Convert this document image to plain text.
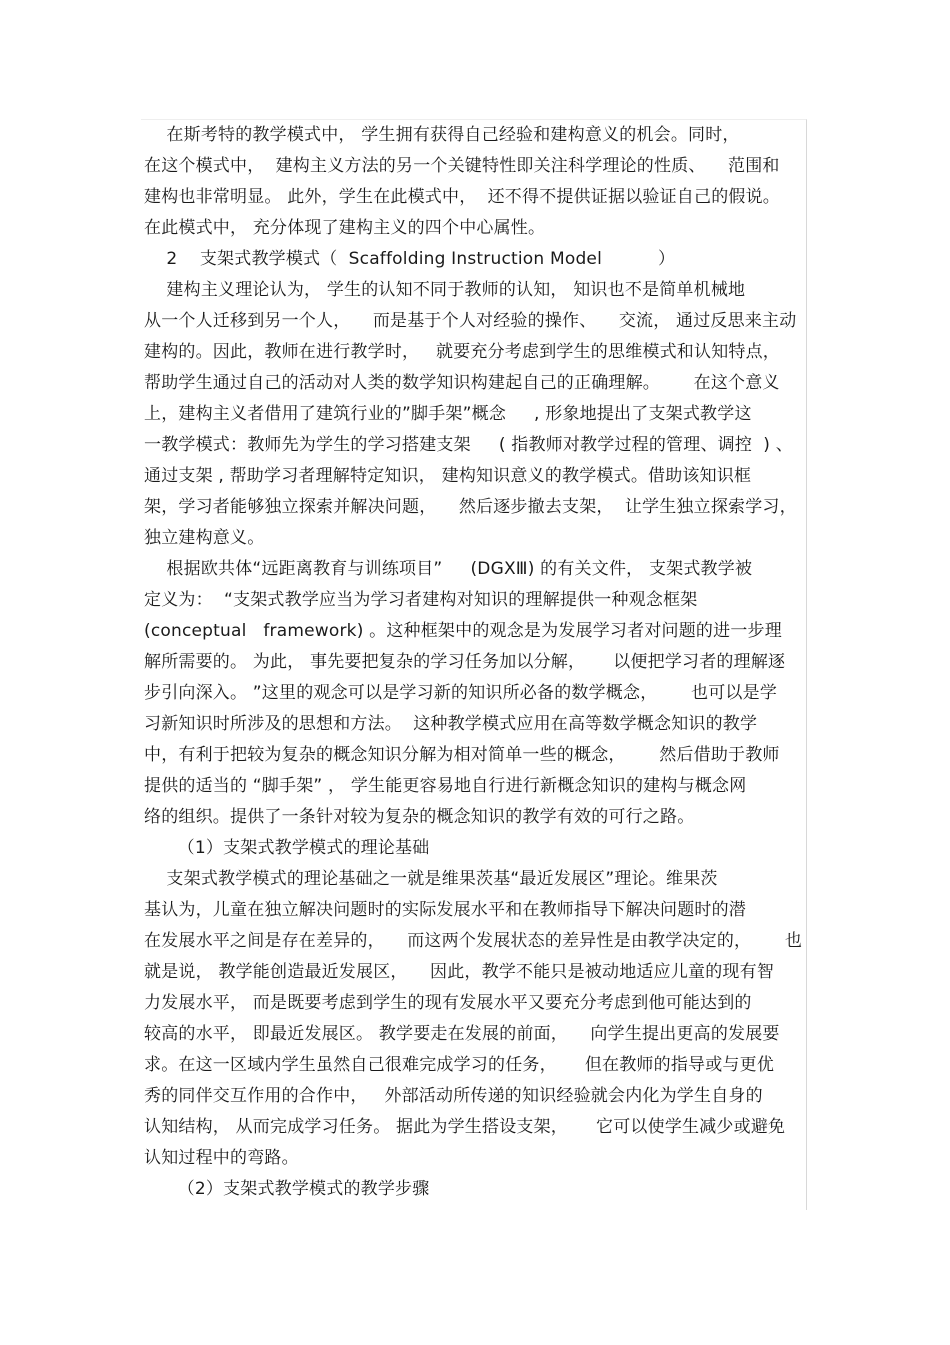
在斯考特的教学模式中， 学生拥有获得自己经验和建构意义的机会。同时，
在这个模式中，  建构主义方法的另一个关键特性即关注科学理论的性质、    范围和
建构也非常明显。 此外，学生在此模式中，  还不得不提供证据以验证自己的假说。
在此模式中， 充分体现了建构主义的四个中心属性。
2    支架式教学模式（  Scaffolding Instruction Model          ）
建构主义理论认为， 学生的认知不同于教师的认知， 知识也不是简单机械地
从一个人迁移到另一个人，    而是基于个人对经验的操作、    交流， 通过反思来主动
建构的。因此，教师在进行教学时，   就要充分考虑到学生的思维模式和认知特点，
帮助学生通过自己的活动对人类的数学知识构建起自己的正确理解。      在这个意义
上，建构主义者借用了建筑行业的”脚手架”概念     , 形象地提出了支架式教学这
一教学模式：教师先为学生的学习搭建支架     ( 指教师对教学过程的管理、调控  ) 、
通过支架 , 帮助学习者理解特定知识， 建构知识意义的教学模式。借助该知识框
架，学习者能够独立探索并解决问题，    然后逐步撤去支架，  让学生独立探索学习，
独立建构意义。
根据欧共体“远距离教育与训练项目”     (DGXⅢ) 的有关文件， 支架式教学被
定义为：  “支架式教学应当为学习者建构对知识的理解提供一种观念框架
(conceptual   framework) 。这种框架中的观念是为发展学习者对问题的进一步理
解所需要的。 为此， 事先要把复杂的学习任务加以分解，     以便把学习者的理解逐
步引向深入。 ”这里的观念可以是学习新的知识所必备的数学概念，      也可以是学
习新知识时所涉及的思想和方法。  这种教学模式应用在高等数学概念知识的教学
中，有利于把较为复杂的概念知识分解为相对简单一些的概念，      然后借助于教师
提供的适当的 “脚手架” ， 学生能更容易地自行进行新概念知识的建构与概念网
络的组织。提供了一条针对较为复杂的概念知识的教学有效的可行之路。
（1）支架式教学模式的理论基础
支架式教学模式的理论基础之一就是维果茨基“最近发展区”理论。维果茨
基认为，儿童在独立解决问题时的实际发展水平和在教师指导下解决问题时的潜
在发展水平之间是存在差异的，    而这两个发展状态的差异性是由教学决定的，      也
就是说， 教学能创造最近发展区，    因此，教学不能只是被动地适应儿童的现有智
力发展水平， 而是既要考虑到学生的现有发展水平又要充分考虑到他可能达到的
较高的水平， 即最近发展区。 教学要走在发展的前面，    向学生提出更高的发展要
求。在这一区域内学生虽然自己很难完成学习的任务，     但在教师的指导或与更优
秀的同伴交互作用的合作中，   外部活动所传递的知识经验就会内化为学生自身的
认知结构， 从而完成学习任务。 据此为学生搭设支架，     它可以使学生减少或避免
认知过程中的弯路。
（2）支架式教学模式的教学步骤
